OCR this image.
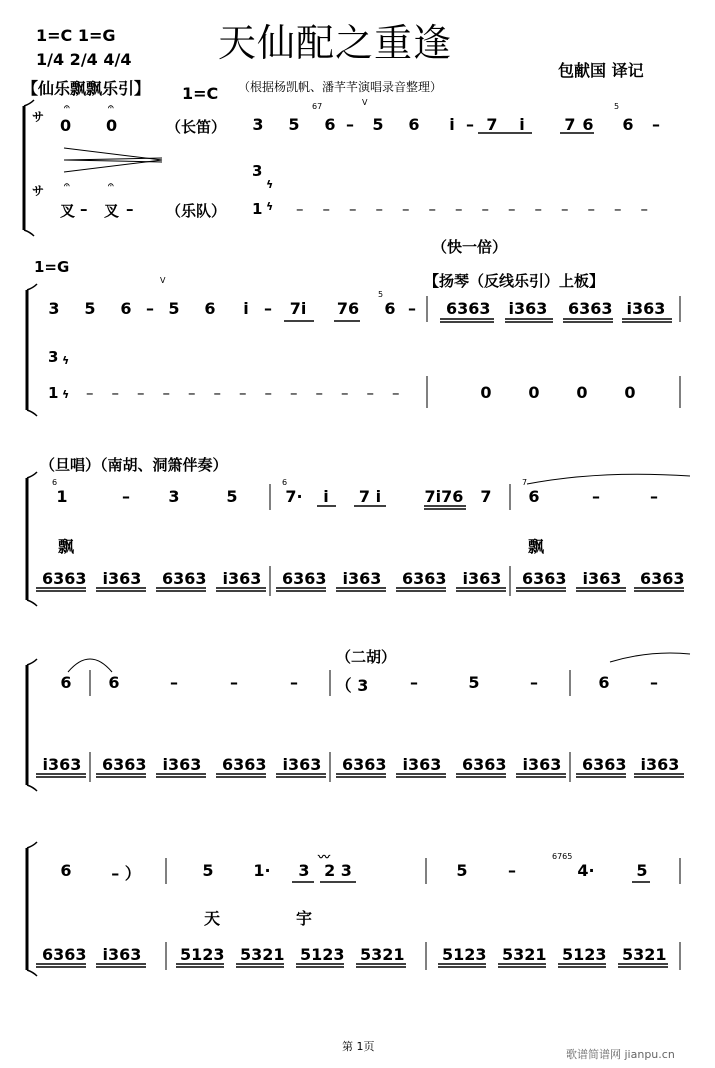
1=C 1=G
1/4 2/4 4/4 天仙配之重逢
包献国 译记
【仙乐飘飘乐引】 1=C （根据杨凯帆、潘芊芊演唱录音整理）
サ
サ
𝄐	𝄐
0 0	（长笛）
67	V	5
3	5	6 –	5	6	i – 7	i	7 6	6	–
𝄐	𝄐
叉 叉
–	– （乐队）
3
1
ϟ
ϟ ––––––––––––––
1=G
（快一倍）
【扬琴（反线乐引）上板】
V
5
3	5	6 – 5	6	i –	7i	76	6 –	6363 i363 6363 i363
3 ϟ
1 ϟ –––––––––––––	0	0	0	0
（旦唱）（南胡、洞箫伴奏）
6	6	7
1	–	3	5	7·	i	7 i	7i76	7	6	–	–
飘	飘
6363 i363 6363 i363 6363 i363 6363 i363 6363 i363 6363
（二胡）
6	6	–	–	–	（ 3	–	5	–	6	–
i363 6363 i363 6363 i363 6363 i363 6363 i363 6363 i363
6765
〰
6	– ）	5	1·	3 2 3	5	–	4·	5
天	宇
6363 i363 5123 5321 5123 5321 5123 5321 5123 5321
第 1页
歌谱简谱网 jianpu.cn
